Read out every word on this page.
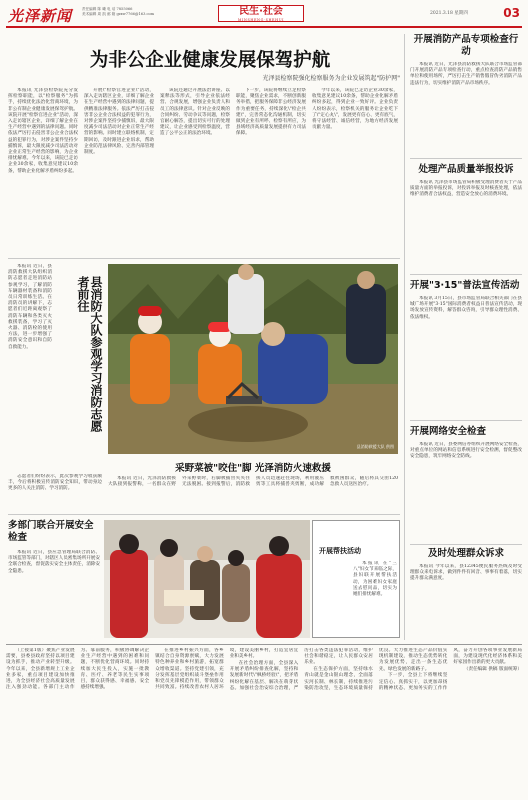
光泽新闻	责任编辑 陈 曦 电 话 7855066
美术编辑 周 凯 邮 箱 gzxw7766@163.com	民生·社会
MINSHENG·SHEHUI
2021.3.18 星期四	03
为非公企业健康发展保驾护航
光泽县检察院强化检察服务为企业发展筑起"防护网"

本报讯 光泽县检察院充分发挥检察职能，以"检察服务"为抓手，持续优化法治化营商环境，为非公有制企业健康发展保驾护航。该院开展"检察官进企业"活动，深入走访辖区企业，详细了解企业在生产经营中遇到的法律问题。同时依法严厉打击侵害非公企业合法权益的犯罪行为，对涉企案件坚持少捕慎诉，最大限度减少司法活动对企业正常生产经营的影响，为企业排忧解难。今年以来，该院已走访企业30余家，收集意见建议10余条，帮助企业化解矛盾纠纷多起。

开展\"检察官进企业\"活动，深入走访辖区企业，详细了解企业在生产经营中遇到的法律问题，提供精准法律服务。依法严厉打击侵害非公企业合法权益的犯罪行为，对涉企案件坚持少捕慎诉，最大限度减少司法活动对企业正常生产经营的影响。同时建立联络机制，定期回访，及时跟进企业诉求，帮助企业防范法律风险、完善内部管理制度。

该院还通过开展法治讲座、以案释法等形式，引导企业依法经营、合规发展，增强企业负责人和员工的法律意识。针对企业反映的合同纠纷、劳动争议等问题，检察官耐心解答，提出切实可行的处理建议，让企业感受到检察温度，营造了公平公正的法治环境。

下一步，该院将继续立足检察职能，聚焦企业需求，不断创新服务举措，把服务保障非公经济发展作为重要任务，持续深化\"检企共建\"，完善常态化沟通机制，切实做到企业有所呼、检察有所应，为县域经济高质量发展提供有力司法保障。

今年以来，该院已走访企业30余家，收集意见建议10余条，帮助企业化解矛盾纠纷多起，得到企业一致好评。企业负责人纷纷表示，检察机关的服务让企业吃下了\"定心丸\"，发展更有信心、更有底气，将守法经营、诚信经营，为地方经济发展贡献力量。

开展消防产品专项检查行动

本报讯 近日，光泽县消防救援大队联合市场监管部门开展消防产品专项检查行动，重点检查消防产品销售单位和使用场所，严厉打击生产销售假冒伪劣消防产品违法行为，切实维护消防产品市场秩序。

处理产品质量举报投诉

本报讯 光泽县市场监管局积极受理消费者关于产品质量方面的举报投诉，对投诉举报及时核查处理，依法维护消费者合法权益，营造安全放心的消费环境。

开展"3·15"普法宣传活动

本报讯 3月15日，县市场监管局联合相关部门在县城广场开展"3·15"国际消费者权益日普法宣传活动，现场发放宣传资料，解答群众咨询，引导群众理性消费、依法维权。

开展网络安全检查

本报讯 近日，县委网信办组织开展网络安全检查，对重点单位的网站和信息系统进行安全检测，督促整改安全隐患，筑牢网络安全防线。

及时处理群众诉求

本报讯 今年以来，县12345便民服务热线及时受理群众来电诉求，做到件件有回音、事事有着落，切实提升群众满意度。

本报讯 近日，县消防救援大队组织消防志愿者走进消防站参观学习，了解消防车辆器材装备和消防员日常训练生活。在消防员的讲解下，志愿者们近距离观察了消防车辆和各类灭火救援装备，学习了灭火器、消防栓的使用方法，进一步增强了消防安全意识和自防自救能力。	县消防大队参观学习消防志愿者前往

志愿者们纷纷表示，此次参观学习收获颇丰，今后将积极宣传消防安全知识，带动身边更多的人关注消防、学习消防。

县消防救援大队 供图
采野菜被"咬住"脚 光泽消防火速救援

本报讯 近日，光泽消防救援大队接到报警称，一名群众在野外采野菜时，右脚被捕兽夹夹住无法脱困。接到报警后，消防救援人员迅速赶往现场，利用液压剪等工具将捕兽夹剪断，成功解救被困群众，随后将其交由120急救人员送医治疗。

多部门联合开展安全检查

本报讯 近日，县应急管理局联合消防、市场监管等部门，对辖区人员密集场所开展安全联合检查，督促落实安全主体责任，消除安全隐患。

开展帮扶活动

本报讯 在"三八"妇女节来临之际，县妇联开展帮扶活动，为困难妇女家庭送去慰问品，切实为她们排忧解难。

（上接第1版）聚焦产业发展需要，县委县政府坚持以项目建设为抓手，推动产业转型升级。今年以来，全县新增规上工业企业多家，重点项目建设加快推进，为全县经济社会高质量发展注入强劲动能。各部门主动作为、靠前服务，积极协调解决企业生产经营中遇到的困难和问题，不断优化营商环境。同时持续加大民生投入，实施一批教育、医疗、养老等民生实事项目，群众获得感、幸福感、安全感持续增强。

在推进乡村振兴方面，各乡镇结合自身资源禀赋，大力发展特色种养业和乡村旅游，拓宽群众增收渠道。坚持党建引领，充分发挥基层党组织战斗堡垒作用和党员先锋模范作用，带领群众共同致富。持续改善农村人居环境，建设美丽乡村，打造宜居宜业和美乡村。

在社会治理方面，全县深入开展矛盾纠纷排查化解，坚持和发展新时代\"枫桥经验\"，把矛盾纠纷化解在基层、解决在萌芽状态。加强社会治安综合治理，严厉打击各类违法犯罪活动，维护社会和谐稳定，让人民群众安居乐业。

在生态保护方面，坚持绿水青山就是金山银山理念，全面落实河长制、林长制，持续推进污染防治攻坚，生态环境质量保持优良。大力推进生态产品价值实现机制建设，推动生态优势转化为发展优势，走出一条生态优先、绿色发展的新路子。

下一步，全县上下将继续坚定信心、真抓实干，以更加昂扬的精神状态、更加务实的工作作风，奋力开创各项事业发展新局面，为建设现代化经济体系和美好家园作出新的更大贡献。

（责任编辑 供稿 版面统筹）
